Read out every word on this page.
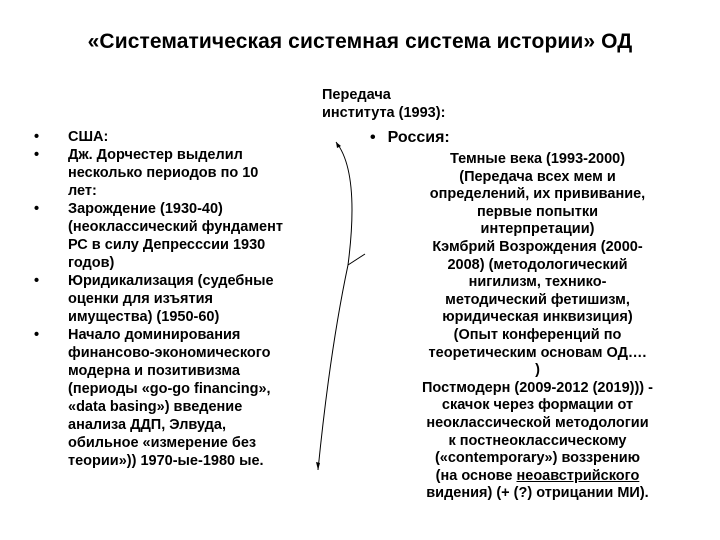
«Систематическая системная система истории» ОД
Передача
института (1993):
• США:
• Дж. Дорчестер выделил
несколько периодов по 10
лет:
• Зарождение (1930-40)
(неоклассический фундамент
РС в силу Депресссии 1930
годов)
• Юридикализация (судебные
оценки для изъятия
имущества) (1950-60)
• Начало доминирования
финансово-экономического
модерна и позитивизма
(периоды «go-go financing»,
«data basing») введение
анализа ДДП, Элвуда,
обильное «измерение без
теории»)) 1970-ые-1980 ые.
• Россия:
Темные века (1993-2000)
(Передача всех мем и
определений, их прививание,
первые попытки
интерпретации)
Кэмбрий Возрождения (2000-
2008) (методологический
нигилизм, технико-
методический фетишизм,
юридическая инквизиция)
(Опыт конференций по
теоретическим основам ОД….
)
Постмодерн (2009-2012 (2019))) -
скачок через формации от
неоклассической методологии
к постнеоклассическому
(«contemporary») воззрению
(на основе неоавстрийского
видения) (+ (?) отрицании МИ).
